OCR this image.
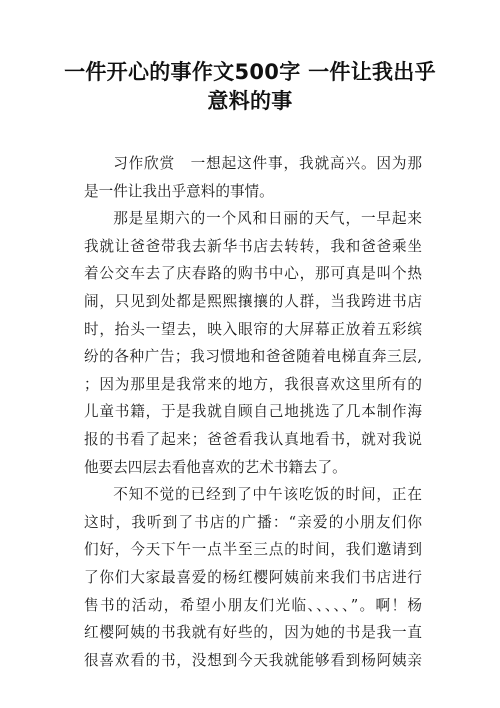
一件开心的事作文500字 一件让我出乎意料的事
习作欣赏　一想起这件事，我就高兴。因为那
是一件让我出乎意料的事情。
那是星期六的一个风和日丽的天气，一早起来
我就让爸爸带我去新华书店去转转，我和爸爸乘坐
着公交车去了庆春路的购书中心，那可真是叫个热
闹，只见到处都是熙熙攘攘的人群，当我跨进书店
时，抬头一望去，映入眼帘的大屏幕正放着五彩缤
纷的各种广告；我习惯地和爸爸随着电梯直奔三层,
；因为那里是我常来的地方，我很喜欢这里所有的
儿童书籍，于是我就自顾自己地挑选了几本制作海
报的书看了起来；爸爸看我认真地看书，就对我说
他要去四层去看他喜欢的艺术书籍去了。
不知不觉的已经到了中午该吃饭的时间，正在
这时，我听到了书店的广播：“亲爱的小朋友们你
们好，今天下午一点半至三点的时间，我们邀请到
了你们大家最喜爱的杨红樱阿姨前来我们书店进行
售书的活动，希望小朋友们光临、、、、、”。啊！杨
红樱阿姨的书我就有好些的，因为她的书是我一直
很喜欢看的书，没想到今天我就能够看到杨阿姨亲
